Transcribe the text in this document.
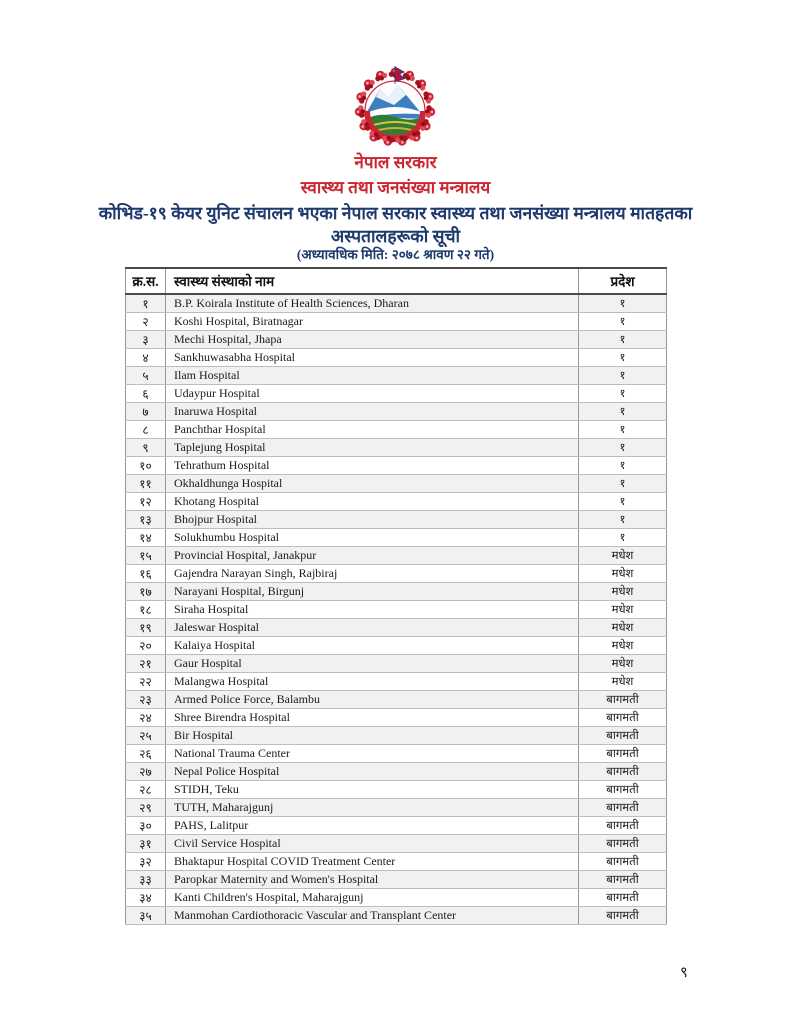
नेपाल सरकार
स्वास्थ्य तथा जनसंख्या मन्त्रालय
कोभिड-१९ केयर युनिट संचालन भएका नेपाल सरकार स्वास्थ्य तथा जनसंख्या मन्त्रालय मातहतका
अस्पतालहरूको सूची
(अध्यावधिक मिति: २०७८ श्रावण २२ गते)
क्र.स.	स्वास्थ्य संस्थाको नाम	प्रदेश
१	B.P. Koirala Institute of Health Sciences, Dharan	१
२	Koshi Hospital, Biratnagar	१
३	Mechi Hospital, Jhapa	१
४	Sankhuwasabha Hospital	१
५	Ilam Hospital	१
६	Udaypur Hospital	१
७	Inaruwa Hospital	१
८	Panchthar Hospital	१
९	Taplejung Hospital	१
१०	Tehrathum Hospital	१
११	Okhaldhunga Hospital	१
१२	Khotang Hospital	१
१३	Bhojpur Hospital	१
१४	Solukhumbu Hospital	१
१५	Provincial Hospital, Janakpur	मधेश
१६	Gajendra Narayan Singh, Rajbiraj	मधेश
१७	Narayani Hospital, Birgunj	मधेश
१८	Siraha Hospital	मधेश
१९	Jaleswar Hospital	मधेश
२०	Kalaiya Hospital	मधेश
२१	Gaur Hospital	मधेश
२२	Malangwa Hospital	मधेश
२३	Armed Police Force, Balambu	बागमती
२४	Shree Birendra Hospital	बागमती
२५	Bir Hospital	बागमती
२६	National Trauma Center	बागमती
२७	Nepal Police Hospital	बागमती
२८	STIDH, Teku	बागमती
२९	TUTH, Maharajgunj	बागमती
३०	PAHS, Lalitpur	बागमती
३१	Civil Service Hospital	बागमती
३२	Bhaktapur Hospital COVID Treatment Center	बागमती
३३	Paropkar Maternity and Women's Hospital	बागमती
३४	Kanti Children's Hospital, Maharajgunj	बागमती
३५	Manmohan Cardiothoracic Vascular and Transplant Center	बागमती
९
